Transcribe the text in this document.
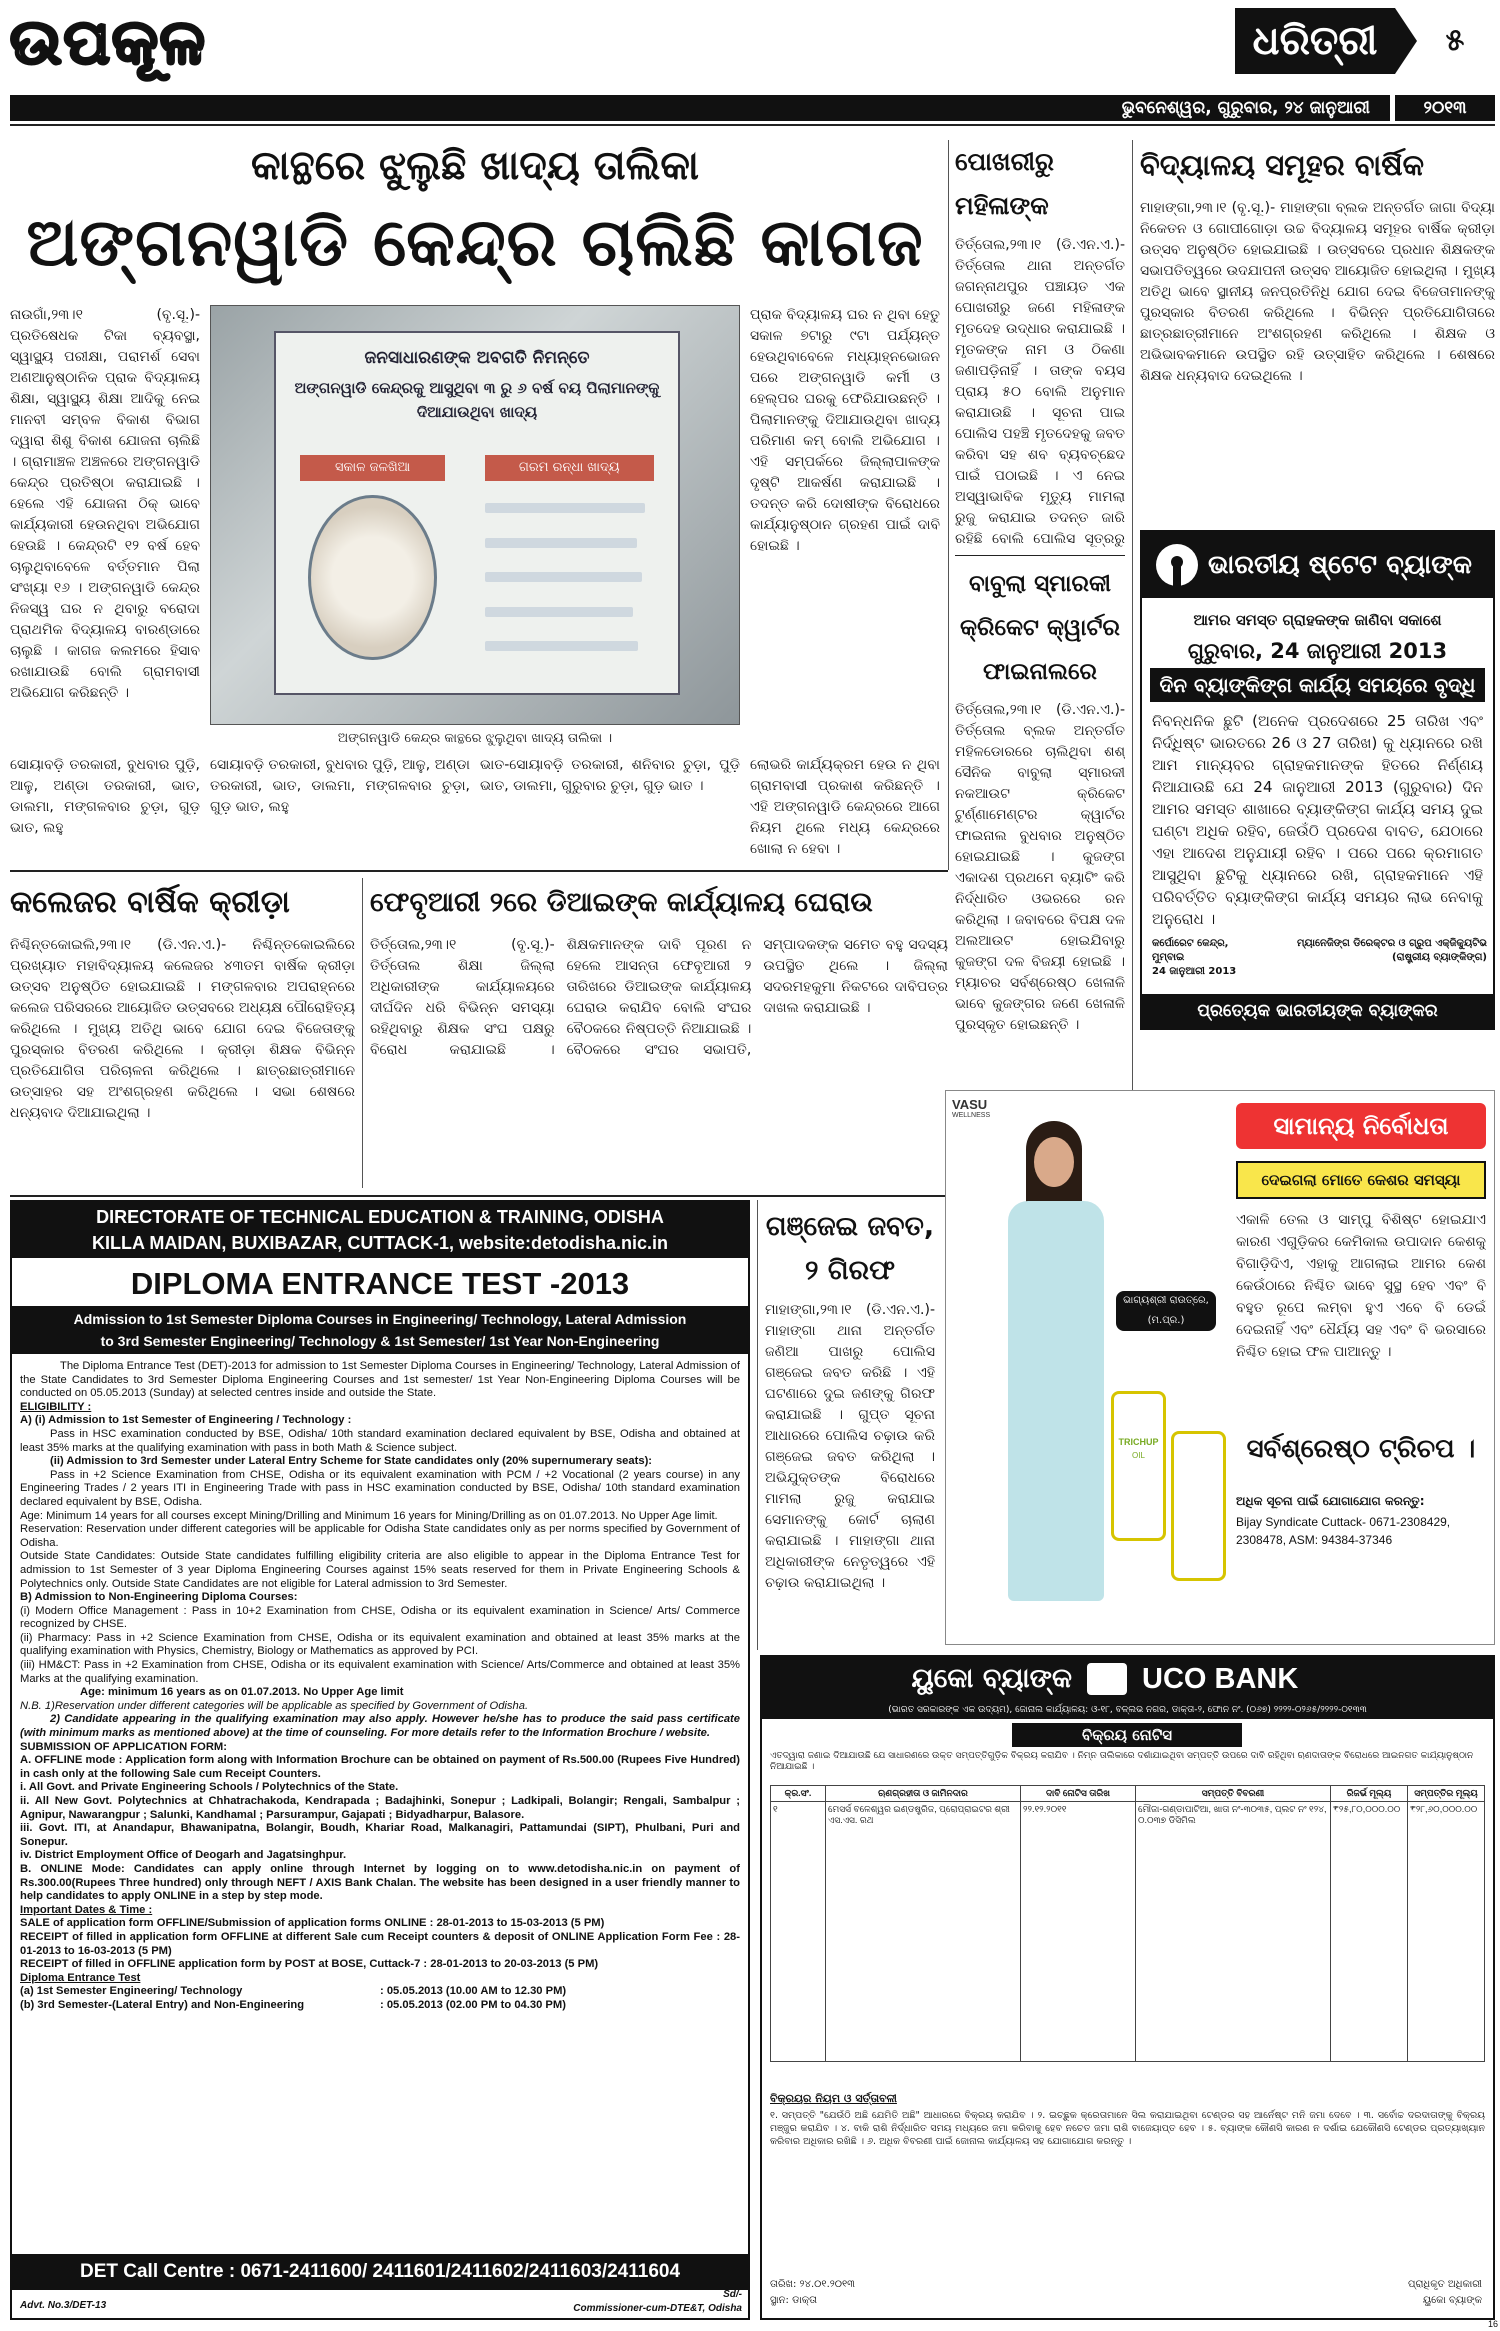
ଉପକୂଳ	ଧରିତ୍ରୀ	୫
ଭୁବନେଶ୍ୱର, ଗୁରୁବାର, ୨୪ ଜାନୁଆରୀ	୨୦୧୩
କାନ୍ଥରେ ଝୁଲୁଛି ଖାଦ୍ୟ ତାଲିକା
ଅଙ୍ଗନୱାଡି କେନ୍ଦ୍ର ଚାଲିଛି କାଗଜ

ନାଉଗାଁ,୨୩।୧ (ବୃ.ସୂ.)- ପ୍ରତିଷେଧକ ଟିକା ବ୍ୟବସ୍ଥା, ସ୍ୱାସ୍ଥ୍ୟ ପରୀକ୍ଷା, ପରାମର୍ଶ ସେବା ଅଣଆନୁଷ୍ଠାନିକ ପ୍ରାକ ବିଦ୍ୟାଳୟ ଶିକ୍ଷା, ସ୍ୱାସ୍ଥ୍ୟ ଶିକ୍ଷା ଆଦିକୁ ନେଇ ମାନବୀ ସମ୍ବଳ ବିକାଶ ବିଭାଗ ଦ୍ୱାରା ଶିଶୁ ବିକାଶ ଯୋଜନା ଚାଲିଛି । ଗ୍ରାମାଞ୍ଚଳ ଅଞ୍ଚଳରେ ଅଙ୍ଗନୱାଡି କେନ୍ଦ୍ର ପ୍ରତିଷ୍ଠା କରାଯାଇଛି । ହେଲେ ଏହି ଯୋଜନା ଠିକ୍ ଭାବେ କାର୍ଯ୍ୟକାରୀ ହେଉନଥିବା ଅଭିଯୋଗ ହେଉଛି । କେନ୍ଦ୍ରଟି ୧୨ ବର୍ଷ ହେବ ଚାଲୁଥିବାବେଳେ ବର୍ତ୍ତମାନ ପିଲା ସଂଖ୍ୟା ୧୬ । ଅଙ୍ଗନୱାଡି କେନ୍ଦ୍ର ନିଜସ୍ୱ ଘର ନ ଥିବାରୁ ବରୋଦା ପ୍ରାଥମିକ ବିଦ୍ୟାଳୟ ବାରଣ୍ଡାରେ ଚାଲୁଛି । କାଗଜ କଲମରେ ହିସାବ ରଖାଯାଉଛି ବୋଲି ଗ୍ରାମବାସୀ ଅଭିଯୋଗ କରିଛନ୍ତି ।

ଜନସାଧାରଣଙ୍କ ଅବଗତି ନିମନ୍ତେ
ଅଙ୍ଗନୱାଡି କେନ୍ଦ୍ରକୁ ଆସୁଥିବା ୩ ରୁ ୬ ବର୍ଷ ବୟ ପିଲାମାନଙ୍କୁ ଦିଆଯାଉଥିବା ଖାଦ୍ୟ
ସକାଳ ଜଳଖିଆ	ଗରମ ରନ୍ଧା ଖାଦ୍ୟ
ଅଙ୍ଗନୱାଡି କେନ୍ଦ୍ର କାନ୍ଥରେ ଝୁଲୁଥିବା ଖାଦ୍ୟ ତାଲିକା ।

ପ୍ରାକ ବିଦ୍ୟାଳୟ ଘର ନ ଥିବା ହେତୁ ସକାଳ ୭ଟାରୁ ୯ଟା ପର୍ଯ୍ୟନ୍ତ ହେଉଥିବାବେଳେ ମଧ୍ୟାହ୍ନଭୋଜନ ପରେ ଅଙ୍ଗନୱାଡି କର୍ମୀ ଓ ହେଲ୍ପର ଘରକୁ ଫେରିଯାଉଛନ୍ତି । ପିଲାମାନଙ୍କୁ ଦିଆଯାଉଥିବା ଖାଦ୍ୟ ପରିମାଣ କମ୍ ବୋଲି ଅଭିଯୋଗ । ଏହି ସମ୍ପର୍କରେ ଜିଲ୍ଲାପାଳଙ୍କ ଦୃଷ୍ଟି ଆକର୍ଷଣ କରାଯାଇଛି । ତଦନ୍ତ କରି ଦୋଷୀଙ୍କ ବିରୋଧରେ କାର୍ଯ୍ୟାନୁଷ୍ଠାନ ଗ୍ରହଣ ପାଇଁ ଦାବି ହୋଇଛି ।

ସୋୟାବଡ଼ି ତରକାରୀ, ବୁଧବାର ପୁଡ଼ି, ଆଳୁ, ଅଣ୍ଡା ତରକାରୀ, ଭାତ, ଡାଲମା, ମଙ୍ଗଳବାର ଚୁଡ଼ା, ଗୁଡ଼ ଭାତ, ଲହୁ

ସୋୟାବଡ଼ି ତରକାରୀ, ବୁଧବାର ପୁଡ଼ି, ଆଳୁ, ଅଣ୍ଡା ତରକାରୀ, ଭାତ, ଡାଲମା, ମଙ୍ଗଳବାର ଚୁଡ଼ା, ଗୁଡ଼ ଭାତ, ଲହୁ

ଭାତ-ସୋୟାବଡ଼ି ତରକାରୀ, ଶନିବାର ଚୁଡ଼ା, ପୁଡ଼ି ଭାତ, ଡାଲମା, ଗୁରୁବାର ଚୁଡ଼ା, ଗୁଡ଼ ଭାତ ।

ଲୋଭରି କାର୍ଯ୍ୟକ୍ରମ ହେଉ ନ ଥିବା ଗ୍ରାମବାସୀ ପ୍ରକାଶ କରିଛନ୍ତି । ଏହି ଅଙ୍ଗନୱାଡି କେନ୍ଦ୍ରରେ ଆଗେ ନିୟମ ଥିଲେ ମଧ୍ୟ କେନ୍ଦ୍ରରେ ଖୋଲା ନ ହେବା ।

ପୋଖରୀରୁ ମହିଳାଙ୍କ

ତିର୍ତ୍ତୋଲ,୨୩।୧ (ଡି.ଏନ.ଏ.)- ତିର୍ତ୍ତୋଲ ଥାନା ଅନ୍ତର୍ଗତ ଜଗନ୍ନାଥପୁର ପଞ୍ଚାୟତ ଏକ ପୋଖରୀରୁ ଜଣେ ମହିଳାଙ୍କ ମୃତଦେହ ଉଦ୍ଧାର କରାଯାଇଛି । ମୃତକଙ୍କ ନାମ ଓ ଠିକଣା ଜଣାପଡ଼ିନାହିଁ । ତାଙ୍କ ବୟସ ପ୍ରାୟ ୫୦ ବୋଲି ଅନୁମାନ କରାଯାଉଛି । ସୂଚନା ପାଇ ପୋଲିସ ପହଞ୍ଚି ମୃତଦେହକୁ ଜବତ କରିବା ସହ ଶବ ବ୍ୟବଚ୍ଛେଦ ପାଇଁ ପଠାଇଛି । ଏ ନେଇ ଅସ୍ୱାଭାବିକ ମୃତ୍ୟୁ ମାମଲା ରୁଜୁ କରାଯାଇ ତଦନ୍ତ ଜାରି ରହିଛି ବୋଲି ପୋଲିସ ସୂତ୍ରରୁ

ବାବୁଲା ସ୍ମାରକୀ କ୍ରିକେଟ କ୍ୱାର୍ଟର ଫାଇନାଲରେ

ତିର୍ତ୍ତୋଲ,୨୩।୧ (ଡି.ଏନ.ଏ.)- ତିର୍ତ୍ତୋଲ ବ୍ଲକ ଅନ୍ତର୍ଗତ ମହିଳଡୋରରେ ଚାଲିଥିବା ଶଶ୍ ସୈନିକ ବାବୁଲା ସ୍ମାରକୀ ନକଆଉଟ କ୍ରିକେଟ ଟୁର୍ଣ୍ଣାମେଣ୍ଟର କ୍ୱାର୍ଟର ଫାଇନାଲ ବୁଧବାର ଅନୁଷ୍ଠିତ ହୋଇଯାଇଛି । କୁଜଙ୍ଗ ଏକାଦଶ ପ୍ରଥମେ ବ୍ୟାଟିଂ କରି ନିର୍ଦ୍ଧାରିତ ଓଭରରେ ରନ କରିଥିଲା । ଜବାବରେ ବିପକ୍ଷ ଦଳ ଅଲଆଉଟ ହୋଇଯିବାରୁ କୁଜଙ୍ଗ ଦଳ ବିଜୟୀ ହୋଇଛି । ମ୍ୟାଚର ସର୍ବଶ୍ରେଷ୍ଠ ଖେଳାଳି ଭାବେ କୁଜଙ୍ଗର ଜଣେ ଖେଳାଳି ପୁରସ୍କୃତ ହୋଇଛନ୍ତି ।

ବିଦ୍ୟାଳୟ ସମୂହର ବାର୍ଷିକ

ମାହାଙ୍ଗା,୨୩।୧ (ବୃ.ସୂ.)- ମାହାଙ୍ଗା ବ୍ଲକ ଅନ୍ତର୍ଗତ ଜାଗା ବିଦ୍ୟା ନିକେତନ ଓ ଗୋପୀଗୋଡ଼ା ଉଚ୍ଚ ବିଦ୍ୟାଳୟ ସମୂହର ବାର୍ଷିକ କ୍ରୀଡ଼ା ଉତ୍ସବ ଅନୁଷ୍ଠିତ ହୋଇଯାଇଛି । ଉତ୍ସବରେ ପ୍ରଧାନ ଶିକ୍ଷକଙ୍କ ସଭାପତିତ୍ୱରେ ଉଦଯାପନୀ ଉତ୍ସବ ଆୟୋଜିତ ହୋଇଥିଲା । ମୁଖ୍ୟ ଅତିଥି ଭାବେ ସ୍ଥାନୀୟ ଜନପ୍ରତିନିଧି ଯୋଗ ଦେଇ ବିଜେତାମାନଙ୍କୁ ପୁରସ୍କାର ବିତରଣ କରିଥିଲେ । ବିଭିନ୍ନ ପ୍ରତିଯୋଗିତାରେ ଛାତ୍ରଛାତ୍ରୀମାନେ ଅଂଶଗ୍ରହଣ କରିଥିଲେ । ଶିକ୍ଷକ ଓ ଅଭିଭାବକମାନେ ଉପସ୍ଥିତ ରହି ଉତ୍ସାହିତ କରିଥିଲେ । ଶେଷରେ ଶିକ୍ଷକ ଧନ୍ୟବାଦ ଦେଇଥିଲେ ।

ଭାରତୀୟ ଷ୍ଟେଟ ବ୍ୟାଙ୍କ
ଆମର ସମସ୍ତ ଗ୍ରାହକଙ୍କ ଜାଣିବା ସକାଶେ
ଗୁରୁବାର, 24 ଜାନୁଆରୀ 2013
ଦିନ ବ୍ୟାଙ୍କିଙ୍ଗ କାର୍ଯ୍ୟ ସମୟରେ ବୃଦ୍ଧି
ନିବନ୍ଧନିକ ଛୁଟି (ଅନେକ ପ୍ରଦେଶରେ 25 ତାରିଖ ଏବଂ ନିର୍ଦ୍ଧିଷ୍ଟ ଭାରତରେ 26 ଓ 27 ତାରିଖ) କୁ ଧ୍ୟାନରେ ରଖି ଆମ ମାନ୍ୟବର ଗ୍ରାହକମାନଙ୍କ ହିତରେ ନିର୍ଣ୍ଣୟ ନିଆଯାଉଛି ଯେ 24 ଜାନୁଆରୀ 2013 (ଗୁରୁବାର) ଦିନ ଆମର ସମସ୍ତ ଶାଖାରେ ବ୍ୟାଙ୍କିଙ୍ଗ କାର୍ଯ୍ୟ ସମୟ ଦୁଇ ଘଣ୍ଟା ଅଧିକ ରହିବ, ଜେଉଁଠି ପ୍ରଦେଶ ବାବତ, ଯେଠାରେ ଏହା ଆଦେଶ ଅନୁଯାୟୀ ରହିବ । ପରେ ପରେ କ୍ରମାଗତ ଆସୁଥିବା ଛୁଟିକୁ ଧ୍ୟାନରେ ରଖି, ଗ୍ରାହକମାନେ ଏହି ପରିବର୍ତ୍ତିତ ବ୍ୟାଙ୍କିଙ୍ଗ କାର୍ଯ୍ୟ ସମୟର ଲାଭ ନେବାକୁ ଅନୁରୋଧ ।
କର୍ପୋରେଟ କେନ୍ଦ୍ର,
ମୁମ୍ବାଇ
24 ଜାନୁଆରୀ 2013
ମ୍ୟାନେଜିଙ୍ଗ ଡିରେକ୍ଟର ଓ ଗ୍ରୁପ ଏକ୍ଜିକ୍ୟୁଟିଭ
(ରାଷ୍ଟ୍ରୀୟ ବ୍ୟାଙ୍କିଙ୍ଗ)
ପ୍ରତ୍ୟେକ ଭାରତୀୟଙ୍କ ବ୍ୟାଙ୍କର
କଲେଜର ବାର୍ଷିକ କ୍ରୀଡ଼ା

ନିଶ୍ଚିନ୍ତକୋଇଲି,୨୩।୧ (ଡି.ଏନ.ଏ.)- ନିଶ୍ଚିନ୍ତକୋଇଲିରେ ପ୍ରଖ୍ୟାତ ମହାବିଦ୍ୟାଳୟ କଲେଜର ୪୩ତମ ବାର୍ଷିକ କ୍ରୀଡ଼ା ଉତ୍ସବ ଅନୁଷ୍ଠିତ ହୋଇଯାଇଛି । ମଙ୍ଗଳବାର ଅପରାହ୍ନରେ କଲେଜ ପରିସରରେ ଆୟୋଜିତ ଉତ୍ସବରେ ଅଧ୍ୟକ୍ଷ ପୌରୋହିତ୍ୟ କରିଥିଲେ । ମୁଖ୍ୟ ଅତିଥି ଭାବେ ଯୋଗ ଦେଇ ବିଜେତାଙ୍କୁ ପୁରସ୍କାର ବିତରଣ କରିଥିଲେ । କ୍ରୀଡ଼ା ଶିକ୍ଷକ ବିଭିନ୍ନ ପ୍ରତିଯୋଗିତା ପରିଚାଳନା କରିଥିଲେ । ଛାତ୍ରଛାତ୍ରୀମାନେ ଉତ୍ସାହର ସହ ଅଂଶଗ୍ରହଣ କରିଥିଲେ । ସଭା ଶେଷରେ ଧନ୍ୟବାଦ ଦିଆଯାଇଥିଲା ।

ଫେବୃଆରୀ ୨ରେ ଡିଆଇଙ୍କ କାର୍ଯ୍ୟାଳୟ ଘେରାଉ

ତିର୍ତ୍ତୋଲ,୨୩।୧ (ବୃ.ସୂ.)- ତିର୍ତ୍ତୋଲ ଶିକ୍ଷା ଜିଲ୍ଲା ଅଧିକାରୀଙ୍କ କାର୍ଯ୍ୟାଳୟରେ ଦୀର୍ଘଦିନ ଧରି ବିଭିନ୍ନ ସମସ୍ୟା ରହିଥିବାରୁ ଶିକ୍ଷକ ସଂଘ ପକ୍ଷରୁ ବିରୋଧ କରାଯାଇଛି । ଶିକ୍ଷକମାନଙ୍କ ଦାବି ପୂରଣ ନ ହେଲେ ଆସନ୍ତା ଫେବୃଆରୀ ୨ ତାରିଖରେ ଡିଆଇଙ୍କ କାର୍ଯ୍ୟାଳୟ ଘେରାଉ କରାଯିବ ବୋଲି ସଂଘର ବୈଠକରେ ନିଷ୍ପତ୍ତି ନିଆଯାଇଛି । ବୈଠକରେ ସଂଘର ସଭାପତି, ସମ୍ପାଦକଙ୍କ ସମେତ ବହୁ ସଦସ୍ୟ ଉପସ୍ଥିତ ଥିଲେ । ଜିଲ୍ଲା ସଦରମହକୁମା ନିକଟରେ ଦାବିପତ୍ର ଦାଖଲ କରାଯାଇଛି ।

DIRECTORATE OF TECHNICAL EDUCATION & TRAINING, ODISHA
KILLA MAIDAN, BUXIBAZAR, CUTTACK-1, website:detodisha.nic.in
DIPLOMA ENTRANCE TEST -2013
Admission to 1st Semester Diploma Courses in Engineering/ Technology, Lateral Admission
to 3rd Semester Engineering/ Technology & 1st Semester/ 1st Year Non-Engineering
The Diploma Entrance Test (DET)-2013 for admission to 1st Semester Diploma Courses in Engineering/ Technology, Lateral Admission of the State Candidates to 3rd Semester Diploma Engineering Courses and 1st semester/ 1st Year Non-Engineering Diploma Courses will be conducted on 05.05.2013 (Sunday) at selected centres inside and outside the State.
ELIGIBILITY :
A) (i) Admission to 1st Semester of Engineering / Technology :
Pass in HSC examination conducted by BSE, Odisha/ 10th standard examination declared equivalent by BSE, Odisha and obtained at least 35% marks at the qualifying examination with pass in both Math & Science subject.
(ii) Admission to 3rd Semester under Lateral Entry Scheme for State candidates only (20% supernumerary seats):
Pass in +2 Science Examination from CHSE, Odisha or its equivalent examination with PCM / +2 Vocational (2 years course) in any Engineering Trades / 2 years ITI in Engineering Trade with pass in HSC examination conducted by BSE, Odisha/ 10th standard examination declared equivalent by BSE, Odisha.
Age: Minimum 14 years for all courses except Mining/Drilling and Minimum 16 years for Mining/Drilling as on 01.07.2013. No Upper Age limit.
Reservation: Reservation under different categories will be applicable for Odisha State candidates only as per norms specified by Government of Odisha.
Outside State Candidates: Outside State candidates fulfilling eligibility criteria are also eligible to appear in the Diploma Entrance Test for admission to 1st Semester of 3 year Diploma Engineering Courses against 15% seats reserved for them in Private Engineering Schools & Polytechnics only. Outside State Candidates are not eligible for Lateral admission to 3rd Semester.
B) Admission to Non-Engineering Diploma Courses:
(i) Modern Office Management : Pass in 10+2 Examination from CHSE, Odisha or its equivalent examination in Science/ Arts/ Commerce recognized by CHSE.
(ii) Pharmacy: Pass in +2 Science Examination from CHSE, Odisha or its equivalent examination and obtained at least 35% marks at the qualifying examination with Physics, Chemistry, Biology or Mathematics as approved by PCI.
(iii) HM&CT: Pass in +2 Examination from CHSE, Odisha or its equivalent examination with Science/ Arts/Commerce and obtained at least 35% Marks at the qualifying examination.
Age: minimum 16 years as on 01.07.2013. No Upper Age limit
N.B. 1)Reservation under different categories will be applicable as specified by Government of Odisha.
2) Candidate appearing in the qualifying examination may also apply. However he/she has to produce the said pass certificate (with minimum marks as mentioned above) at the time of counseling. For more details refer to the Information Brochure / website.
SUBMISSION OF APPLICATION FORM:
A. OFFLINE mode : Application form along with Information Brochure can be obtained on payment of Rs.500.00 (Rupees Five Hundred) in cash only at the following Sale cum Receipt Counters.
i. All Govt. and Private Engineering Schools / Polytechnics of the State.
ii. All New Govt. Polytechnics at Chhatrachakoda, Kendrapada ; Badajhinki, Sonepur ; Ladkipali, Bolangir; Rengali, Sambalpur ; Agnipur, Nawarangpur ; Salunki, Kandhamal ; Parsurampur, Gajapati ; Bidyadharpur, Balasore.
iii. Govt. ITI, at Anandapur, Bhawanipatna, Bolangir, Boudh, Khariar Road, Malkanagiri, Pattamundai (SIPT), Phulbani, Puri and Sonepur.
iv. District Employment Office of Deogarh and Jagatsinghpur.
B. ONLINE Mode: Candidates can apply online through Internet by logging on to www.detodisha.nic.in on payment of Rs.300.00(Rupees Three hundred) only through NEFT / AXIS Bank Chalan. The website has been designed in a user friendly manner to help candidates to apply ONLINE in a step by step mode.
Important Dates & Time :
SALE of application form OFFLINE/Submission of application forms ONLINE : 28-01-2013 to 15-03-2013 (5 PM)
RECEIPT of filled in application form OFFLINE at different Sale cum Receipt counters & deposit of ONLINE Application Form Fee : 28-01-2013 to 16-03-2013 (5 PM)
RECEIPT of filled in OFFLINE application form by POST at BOSE, Cuttack-7 : 28-01-2013 to 20-03-2013 (5 PM)
Diploma Entrance Test
(a) 1st Semester Engineering/ Technology	: 05.05.2013 (10.00 AM to 12.30 PM)
(b) 3rd Semester-(Lateral Entry) and Non-Engineering	: 05.05.2013 (02.00 PM to 04.30 PM)
DET Call Centre : 0671-2411600/ 2411601/2411602/2411603/2411604
Advt. No.3/DET-13
Sd/-
Commissioner-cum-DTE&T, Odisha
ଗଞ୍ଜେଇ ଜବତ, ୨ ଗିରଫ

ମାହାଙ୍ଗା,୨୩।୧ (ଡି.ଏନ.ଏ.)- ମାହାଙ୍ଗା ଥାନା ଅନ୍ତର୍ଗତ ଜଣିଆ ପାଖରୁ ପୋଲିସ ଗଞ୍ଜେଇ ଜବତ କରିଛି । ଏହି ଘଟଣାରେ ଦୁଇ ଜଣଙ୍କୁ ଗିରଫ କରାଯାଇଛି । ଗୁପ୍ତ ସୂଚନା ଆଧାରରେ ପୋଲିସ ଚଢ଼ାଉ କରି ଗଞ୍ଜେଇ ଜବତ କରିଥିଲା । ଅଭିଯୁକ୍ତଙ୍କ ବିରୋଧରେ ମାମଲା ରୁଜୁ କରାଯାଇ ସେମାନଙ୍କୁ କୋର୍ଟ ଚାଲାଣ କରାଯାଇଛି । ମାହାଙ୍ଗା ଥାନା ଅଧିକାରୀଙ୍କ ନେତୃତ୍ୱରେ ଏହି ଚଢ଼ାଉ କରାଯାଇଥିଲା ।

VASU
WELLNESS
ଭାଗ୍ୟଶ୍ରୀ ରାଉତ୍ରେ, (ମ.ପ୍ର.)
TRICHUP
OIL
ସାମାନ୍ୟ ନିର୍ବୋଧତା
ଦେଇଗଲା ମୋତେ କେଶର ସମସ୍ୟା
ଏକାଳି ତେଲ ଓ ସାମ୍ପୁ ବିଶିଷ୍ଟ ହୋଇଯାଏ କାରଣ ଏଗୁଡ଼ିକର କେମିକାଲ ଉପାଦାନ କେଶକୁ ବିଗାଡ଼ିଦିଏ, ଏହାକୁ ଆଗଲାଇ ଆମର କେଶ କେଉଁଠାରେ ନିଶ୍ଚିତ ଭାବେ ସୁସ୍ଥ ହେବ ଏବଂ ବି ବହୁତ ରୂପେ ଲମ୍ବା ହୁଏ ଏବେ ବି ଡେଇଁ ଦେଇନାହିଁ ଏବଂ ଧୈର୍ଯ୍ୟ ସହ ଏବଂ ବି ଭରସାରେ ନିଶ୍ଚିତ ହୋଇ ଫଳ ପାଆନ୍ତୁ ।
ସର୍ବଶ୍ରେଷ୍ଠ ଟ୍ରିଚପ ।
ଅଧିକ ସୂଚନା ପାଇଁ ଯୋଗାଯୋଗ କରନ୍ତୁ:
Bijay Syndicate Cuttack- 0671-2308429,
2308478, ASM: 94384-37346
ୟୁକୋ ବ୍ୟାଙ୍କ UCO BANK
(ଭାରତ ସରକାରଙ୍କ ଏକ ଉଦ୍ୟମ), ଜୋନାଲ କାର୍ଯ୍ୟାଳୟ: ଓ-୧୮, ବଳ୍ଲଭ ନଗର, ଡାକ୍ତା-୨, ଫୋନ ନଂ. (୦୬୭) ୨୨୨୨-୦୨୬୫/୨୨୨୨-୦୧୩୩
ବିକ୍ରୟ ନୋଟିସ
ଏତଦ୍ୱାରା ଜଣାଇ ଦିଆଯାଉଛି ଯେ ସାଧାରଣରେ ଉକ୍ତ ସମ୍ପତ୍ତିଗୁଡ଼ିକ ବିକ୍ରୟ କରାଯିବ । ନିମ୍ନ ତାଲିକାରେ ଦର୍ଶାଯାଇଥିବା ସମ୍ପତ୍ତି ଉପରେ ଦାବି ରହିଥିବା ଋଣଦାତାଙ୍କ ବିରୋଧରେ ଆଇନଗତ କାର୍ଯ୍ୟାନୁଷ୍ଠାନ ନିଆଯାଇଛି ।
କ୍ର.ସଂ.	ଋଣଗ୍ରହୀତା ଓ ଜାମିନଦାର	ଦାବି ନୋଟିସ ତାରିଖ	ସମ୍ପତ୍ତି ବିବରଣୀ	ରିଜର୍ଭ ମୂଲ୍ୟ	ସମ୍ପତ୍ତିର ମୂଲ୍ୟ
୧	ମେସର୍ସ ବଳେଶ୍ୱର ଇଣ୍ଡଷ୍ଟ୍ରିଜ, ପ୍ରୋପ୍ରାଇଟର ଶ୍ରୀ ଏସ.ଏସ. ରଥ	୨୨.୧୨.୨୦୧୧	ମୌଜା-ଗଣ୍ଡାପାଟିଆ, ଖାତା ନଂ-୩୦୩୫, ପ୍ଲଟ ନଂ ୧୨୪, ୦.୦୩୭ ଡିସିମିଲ	₹୨୫,୮୦,୦୦୦.୦୦	₹୨୮,୬୦,୦୦୦.୦୦
ବିକ୍ରୟର ନିୟମ ଓ ସର୍ତ୍ତାବଳୀ
୧. ସମ୍ପତ୍ତି "ଯେଉଁଠି ଅଛି ଯେମିତି ଅଛି" ଆଧାରରେ ବିକ୍ରୟ କରାଯିବ । ୨. ଇଚ୍ଛୁକ କ୍ରେତାମାନେ ସିଲ କରାଯାଇଥିବା ଟେଣ୍ଡର ସହ ଆର୍ନେଷ୍ଟ ମନି ଜମା ଦେବେ । ୩. ସର୍ବୋଚ୍ଚ ଦରଦାତାଙ୍କୁ ବିକ୍ରୟ ମଞ୍ଜୁର କରାଯିବ । ୪. ବାକି ରାଶି ନିର୍ଦ୍ଧାରିତ ସମୟ ମଧ୍ୟରେ ଜମା କରିବାକୁ ହେବ ନଚେତ ଜମା ରାଶି ବାଜେୟାପ୍ତ ହେବ । ୫. ବ୍ୟାଙ୍କ କୌଣସି କାରଣ ନ ଦର୍ଶାଇ ଯେକୌଣସି ଟେଣ୍ଡର ପ୍ରତ୍ୟାଖ୍ୟାନ କରିବାର ଅଧିକାର ରଖିଛି । ୬. ଅଧିକ ବିବରଣୀ ପାଇଁ ଜୋନାଲ କାର୍ଯ୍ୟାଳୟ ସହ ଯୋଗାଯୋଗ କରନ୍ତୁ ।
ତାରିଖ: ୨୪.୦୧.୨୦୧୩
ସ୍ଥାନ: ଡାକ୍ତା
ପ୍ରାଧିକୃତ ଅଧିକାରୀ
ୟୁକୋ ବ୍ୟାଙ୍କ
16
